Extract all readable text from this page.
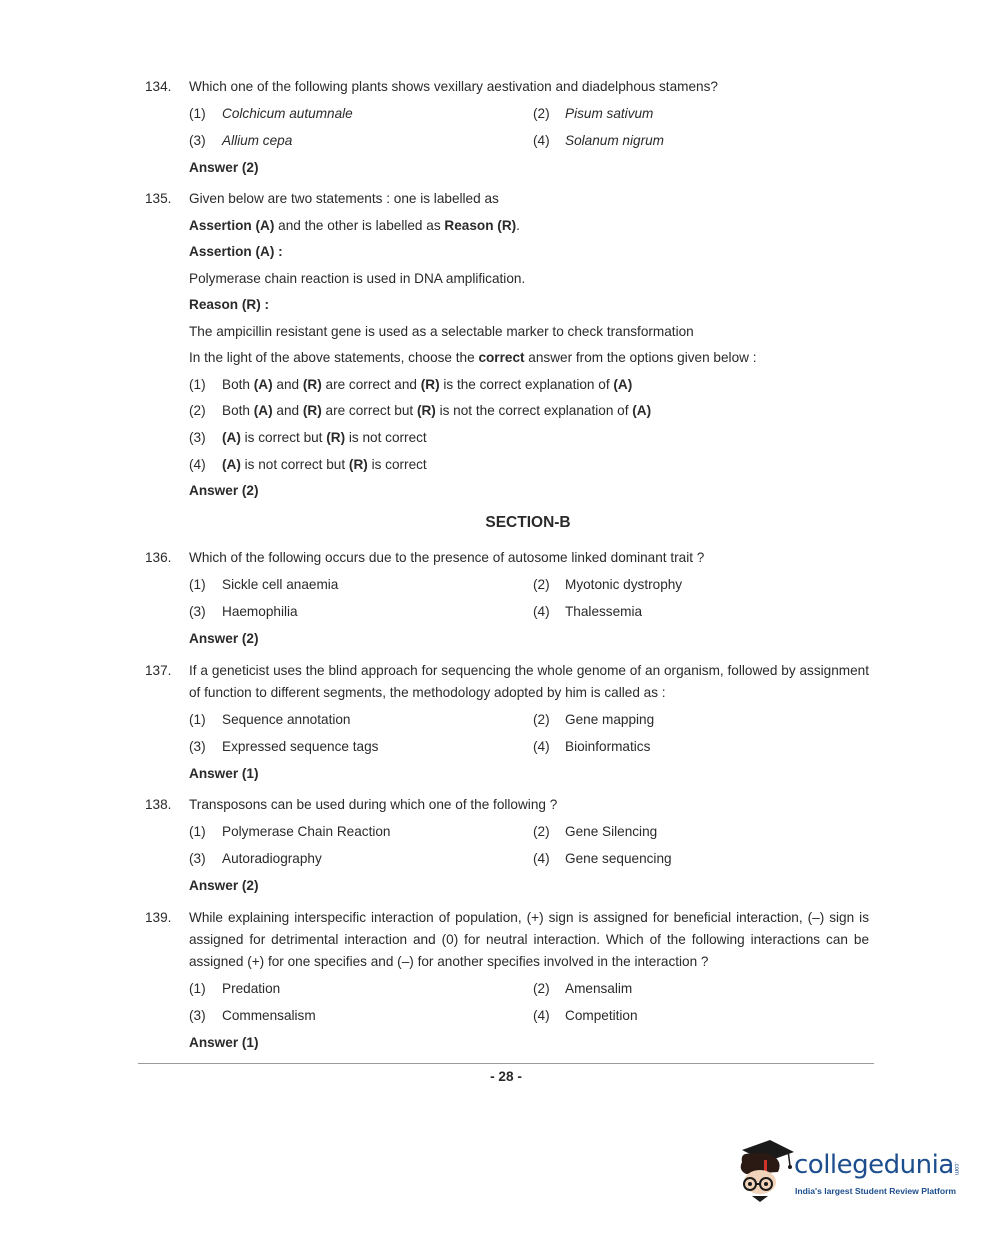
134. Which one of the following plants shows vexillary aestivation and diadelphous stamens?
(1) Colchicum autumnale	(2) Pisum sativum
(3) Allium cepa	(4) Solanum nigrum
Answer (2)
135. Given below are two statements : one is labelled as
Assertion (A) and the other is labelled as Reason (R).
Assertion (A) :
Polymerase chain reaction is used in DNA amplification.
Reason (R) :
The ampicillin resistant gene is used as a selectable marker to check transformation
In the light of the above statements, choose the correct answer from the options given below :
(1) Both (A) and (R) are correct and (R) is the correct explanation of (A)
(2) Both (A) and (R) are correct but (R) is not the correct explanation of (A)
(3) (A) is correct but (R) is not correct
(4) (A) is not correct but (R) is correct
Answer (2)
SECTION-B
136. Which of the following occurs due to the presence of autosome linked dominant trait ?
(1) Sickle cell anaemia	(2) Myotonic dystrophy
(3) Haemophilia	(4) Thalessemia
Answer (2)
137. If a geneticist uses the blind approach for sequencing the whole genome of an organism, followed by assignment of function to different segments, the methodology adopted by him is called as :
(1) Sequence annotation	(2) Gene mapping
(3) Expressed sequence tags	(4) Bioinformatics
Answer (1)
138. Transposons can be used during which one of the following ?
(1) Polymerase Chain Reaction	(2) Gene Silencing
(3) Autoradiography	(4) Gene sequencing
Answer (2)
139. While explaining interspecific interaction of population, (+) sign is assigned for beneficial interaction, (–) sign is assigned for detrimental interaction and (0) for neutral interaction. Which of the following interactions can be assigned (+) for one specifies and (–) for another specifies involved in the interaction ?
(1) Predation	(2) Amensalim
(3) Commensalism	(4) Competition
Answer (1)
- 28 -
collegedunia .com
India's largest Student Review Platform
